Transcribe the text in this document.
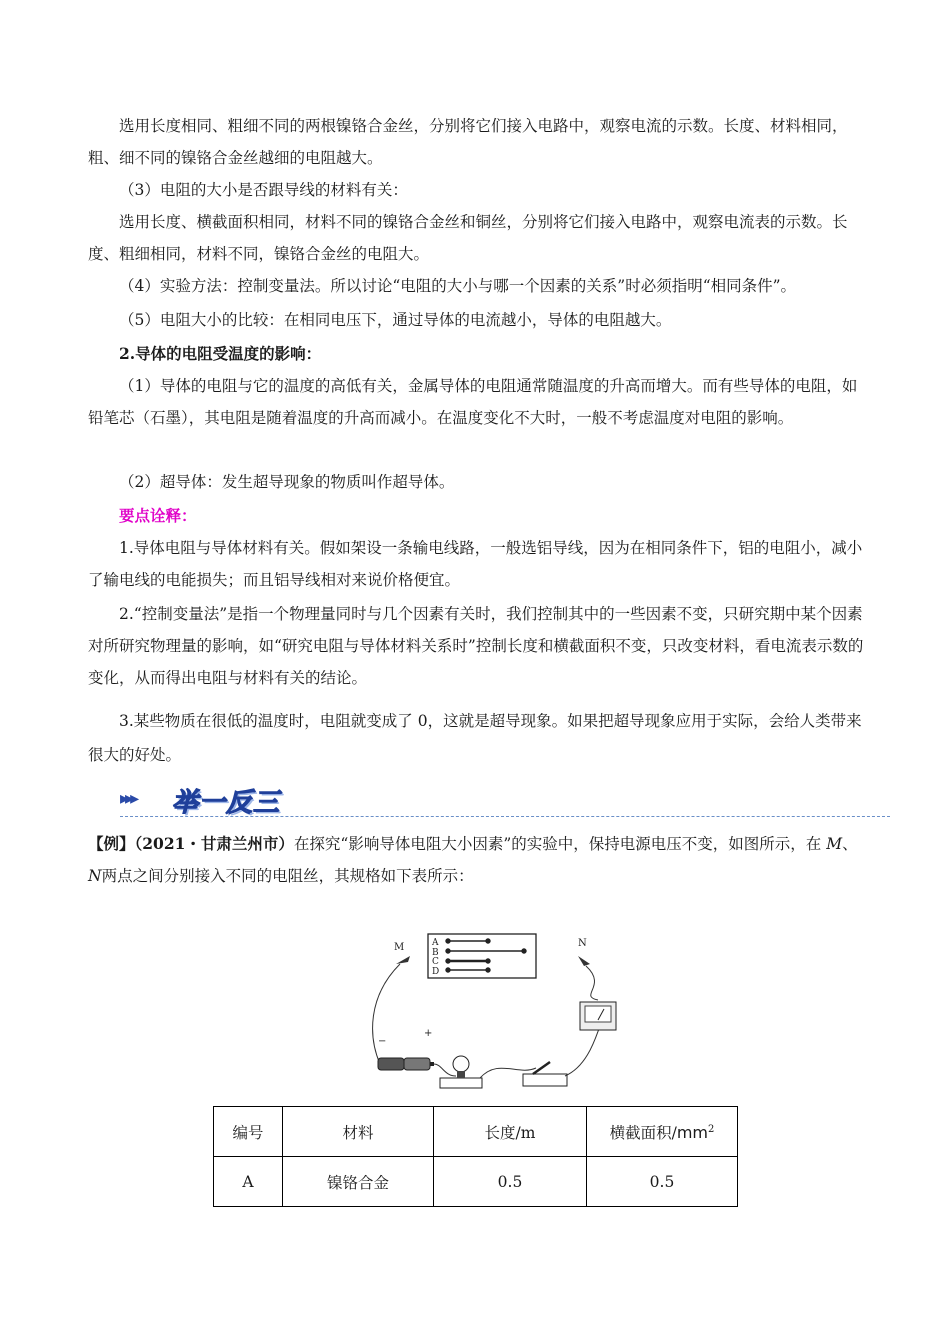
选用长度相同、粗细不同的两根镍铬合金丝，分别将它们接入电路中，观察电流的示数。长度、材料相同，粗、细不同的镍铬合金丝越细的电阻越大。

（3）电阻的大小是否跟导线的材料有关：

选用长度、横截面积相同，材料不同的镍铬合金丝和铜丝，分别将它们接入电路中，观察电流表的示数。长度、粗细相同，材料不同，镍铬合金丝的电阻大。

（4）实验方法：控制变量法。所以讨论“电阻的大小与哪一个因素的关系”时必须指明“相同条件”。

（5）电阻大小的比较：在相同电压下，通过导体的电流越小，导体的电阻越大。

2.导体的电阻受温度的影响：

（1）导体的电阻与它的温度的高低有关，金属导体的电阻通常随温度的升高而增大。而有些导体的电阻，如铅笔芯（石墨），其电阻是随着温度的升高而减小。在温度变化不大时，一般不考虑温度对电阻的影响。

（2）超导体：发生超导现象的物质叫作超导体。

要点诠释：

1.导体电阻与导体材料有关。假如架设一条输电线路，一般选铝导线，因为在相同条件下，铝的电阻小，减小了输电线的电能损失；而且铝导线相对来说价格便宜。

2.“控制变量法”是指一个物理量同时与几个因素有关时，我们控制其中的一些因素不变，只研究期中某个因素对所研究物理量的影响，如“研究电阻与导体材料关系时”控制长度和横截面积不变，只改变材料，看电流表示数的变化，从而得出电阻与材料有关的结论。

3.某些物质在很低的温度时，电阻就变成了 0，这就是超导现象。如果把超导现象应用于实际，会给人类带来很大的好处。

▸▸▸ 举一反三
【例】（2021・甘肃兰州市）在探究“影响导体电阻大小因素”的实验中，保持电源电压不变，如图所示，在 M、N两点之间分别接入不同的电阻丝，其规格如下表所示：
A
B
C
D
M	N
−
+
编号	材料	长度/m	横截面积$/mm^2$
A	镍铬合金	0.5	0.5
